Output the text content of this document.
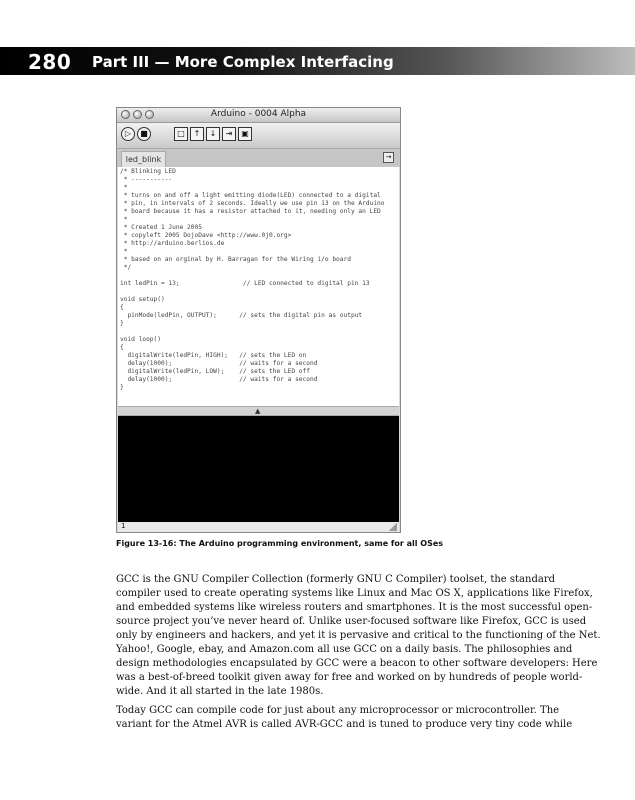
280 Part III — More Complex Interfacing
Arduino - 0004 Alpha
▷	■	□	↑	↓	⇥	▣
led_blink	→
/* Blinking LED
* -----------
*
* turns on and off a light emitting diode(LED) connected to a digital
* pin, in intervals of 2 seconds. Ideally we use pin 13 on the Arduino
* board because it has a resistor attached to it, needing only an LED
*
* Created 1 June 2005
* copyleft 2005 DojoDave <http://www.0j0.org>
* http://arduino.berlios.de
*
* based on an orginal by H. Barragan for the Wiring i/o board
*/
int ledPin = 13;                 // LED connected to digital pin 13
void setup()
{
pinMode(ledPin, OUTPUT);      // sets the digital pin as output
}
void loop()
{
digitalWrite(ledPin, HIGH);   // sets the LED on
delay(1000);                  // waits for a second
digitalWrite(ledPin, LOW);    // sets the LED off
delay(1000);                  // waits for a second
}
▲
1
Figure 13-16: The Arduino programming environment, same for all OSes
GCC is the GNU Compiler Collection (formerly GNU C Compiler) toolset, the standard
compiler used to create operating systems like Linux and Mac OS X, applications like Firefox,
and embedded systems like wireless routers and smartphones. It is the most successful open-
source project you’ve never heard of. Unlike user-focused software like Firefox, GCC is used
only by engineers and hackers, and yet it is pervasive and critical to the functioning of the Net.
Yahoo!, Google, ebay, and Amazon.com all use GCC on a daily basis. The philosophies and
design methodologies encapsulated by GCC were a beacon to other software developers: Here
was a best-of-breed toolkit given away for free and worked on by hundreds of people world-
wide. And it all started in the late 1980s.
Today GCC can compile code for just about any microprocessor or microcontroller. The
variant for the Atmel AVR is called AVR-GCC and is tuned to produce very tiny code while
